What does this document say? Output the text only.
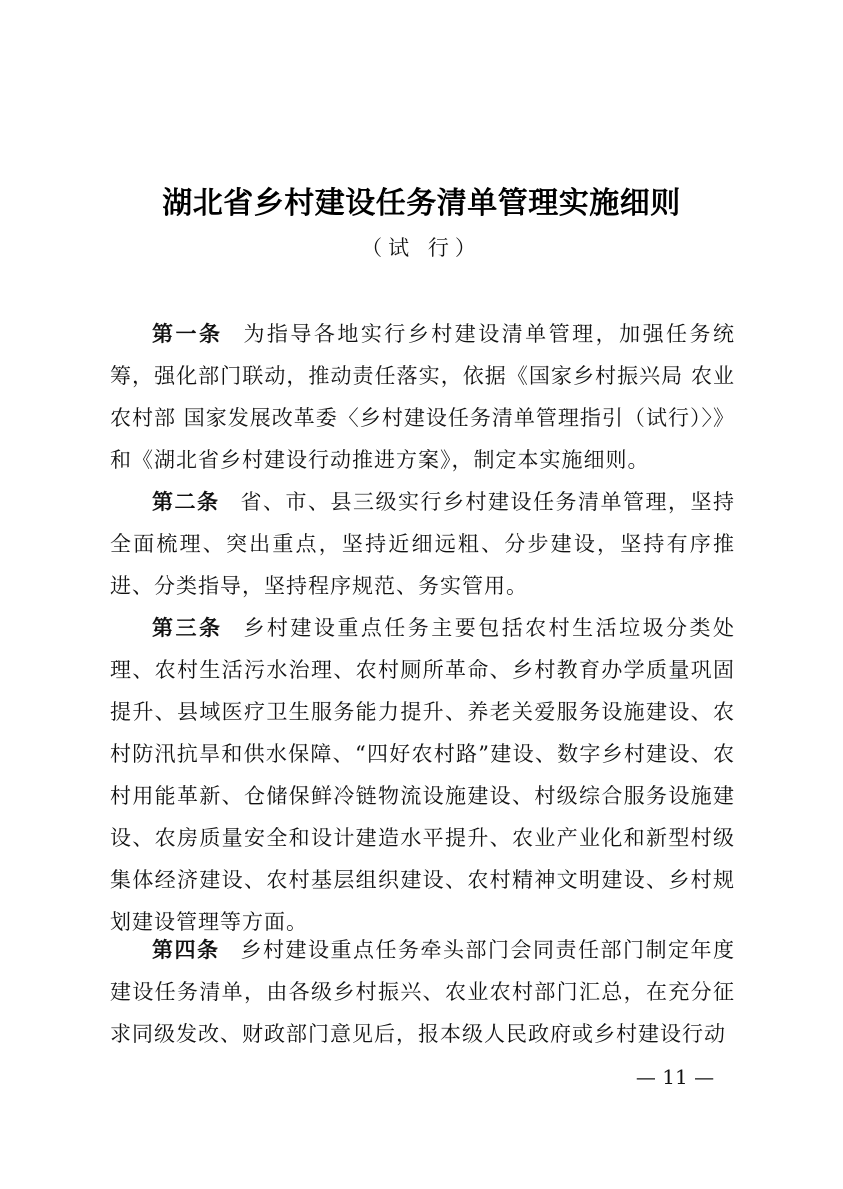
湖北省乡村建设任务清单管理实施细则
（试 行）

第一条 为指导各地实行乡村建设清单管理，加强任务统筹，强化部门联动，推动责任落实，依据《国家乡村振兴局 农业农村部 国家发展改革委〈乡村建设任务清单管理指引（试行）〉》和《湖北省乡村建设行动推进方案》，制定本实施细则。

第二条 省、市、县三级实行乡村建设任务清单管理，坚持全面梳理、突出重点，坚持近细远粗、分步建设，坚持有序推进、分类指导，坚持程序规范、务实管用。

第三条 乡村建设重点任务主要包括农村生活垃圾分类处理、农村生活污水治理、农村厕所革命、乡村教育办学质量巩固提升、县域医疗卫生服务能力提升、养老关爱服务设施建设、农村防汛抗旱和供水保障、“四好农村路”建设、数字乡村建设、农村用能革新、仓储保鲜冷链物流设施建设、村级综合服务设施建设、农房质量安全和设计建造水平提升、农业产业化和新型村级集体经济建设、农村基层组织建设、农村精神文明建设、乡村规划建设管理等方面。

第四条 乡村建设重点任务牵头部门会同责任部门制定年度建设任务清单，由各级乡村振兴、农业农村部门汇总，在充分征求同级发改、财政部门意见后，报本级人民政府或乡村建设行动

— 11 —
